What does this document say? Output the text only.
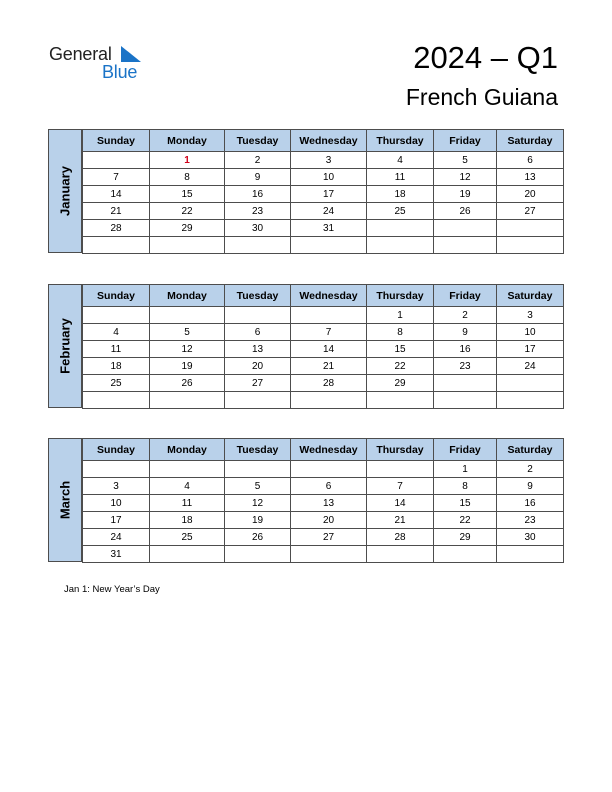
General
Blue	2024 – Q1
French Guiana
January
Sunday	Monday	Tuesday	Wednesday	Thursday	Friday	Saturday
	1	2	3	4	5	6
7	8	9	10	11	12	13
14	15	16	17	18	19	20
21	22	23	24	25	26	27
28	29	30	31			

February
Sunday	Monday	Tuesday	Wednesday	Thursday	Friday	Saturday
				1	2	3
4	5	6	7	8	9	10
11	12	13	14	15	16	17
18	19	20	21	22	23	24
25	26	27	28	29		

March
Sunday	Monday	Tuesday	Wednesday	Thursday	Friday	Saturday
					1	2
3	4	5	6	7	8	9
10	11	12	13	14	15	16
17	18	19	20	21	22	23
24	25	26	27	28	29	30
31						
Jan 1: New Year’s Day
